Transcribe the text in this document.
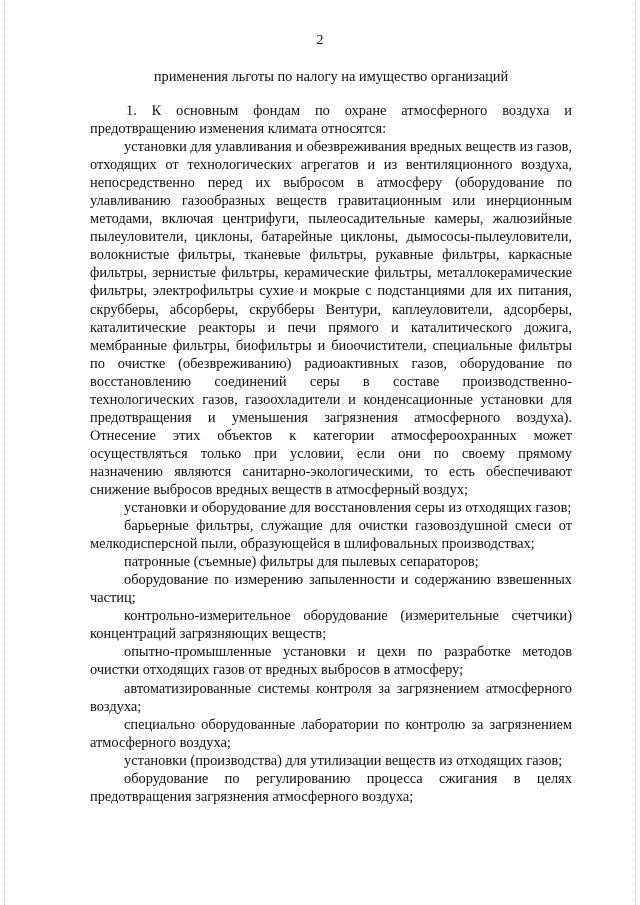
2
применения льготы по налогу на имущество организаций

1. К основным фондам по охране атмосферного воздуха и предотвращению изменения климата относятся:

установки для улавливания и обезвреживания вредных веществ из газов, отходящих от технологических агрегатов и из вентиляционного воздуха, непосредственно перед их выбросом в атмосферу (оборудование по улавливанию газообразных веществ гравитационным или инерционным методами, включая центрифуги, пылеосадительные камеры, жалюзийные пылеуловители, циклоны, батарейные циклоны, дымососы-пылеуловители, волокнистые фильтры, тканевые фильтры, рукавные фильтры, каркасные фильтры, зернистые фильтры, керамические фильтры, металлокерамические фильтры, электрофильтры сухие и мокрые с подстанциями для их питания, скрубберы, абсорберы, скрубберы Вентури, каплеуловители, адсорберы, каталитические реакторы и печи прямого и каталитического дожига, мембранные фильтры, биофильтры и биоочистители, специальные фильтры по очистке (обезвреживанию) радиоактивных газов, оборудование по восстановлению соединений серы в составе производственно-технологических газов, газоохладители и конденсационные установки для предотвращения и уменьшения загрязнения атмосферного воздуха). Отнесение этих объектов к категории атмосфероохранных может осуществляться только при условии, если они по своему прямому назначению являются санитарно-экологическими, то есть обеспечивают снижение выбросов вредных веществ в атмосферный воздух;

установки и оборудование для восстановления серы из отходящих газов;

барьерные фильтры, служащие для очистки газовоздушной смеси от мелкодисперсной пыли, образующейся в шлифовальных производствах;

патронные (съемные) фильтры для пылевых сепараторов;

оборудование по измерению запыленности и содержанию взвешенных частиц;

контрольно-измерительное оборудование (измерительные счетчики) концентраций загрязняющих веществ;

опытно-промышленные установки и цехи по разработке методов очистки отходящих газов от вредных выбросов в атмосферу;

автоматизированные системы контроля за загрязнением атмосферного воздуха;

специально оборудованные лаборатории по контролю за загрязнением атмосферного воздуха;

установки (производства) для утилизации веществ из отходящих газов;

оборудование по регулированию процесса сжигания в целях предотвращения загрязнения атмосферного воздуха;
